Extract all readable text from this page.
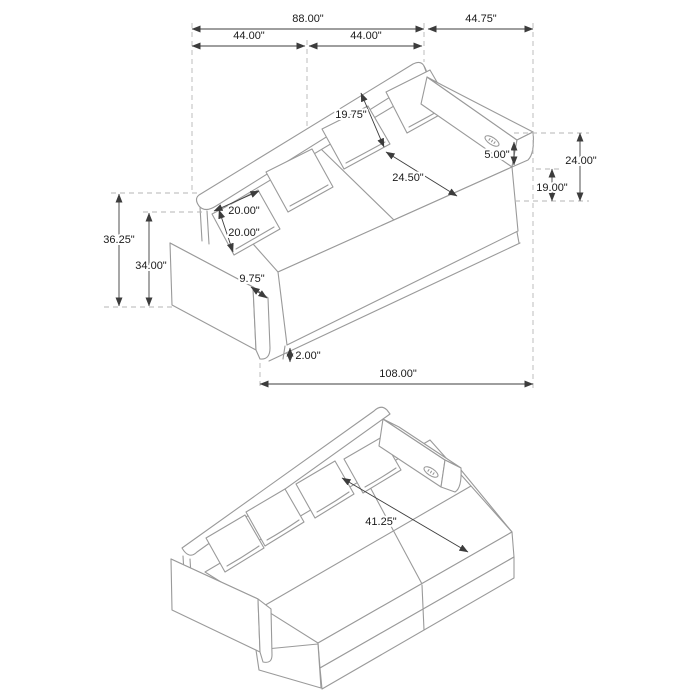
88.00"	44.75"
44.00"	44.00"
19.75"
24.50"
5.00"	24.00"
19.00"
20.00"
20.00"
36.25"
34.00"
9.75"
2.00"
108.00"
41.25"
